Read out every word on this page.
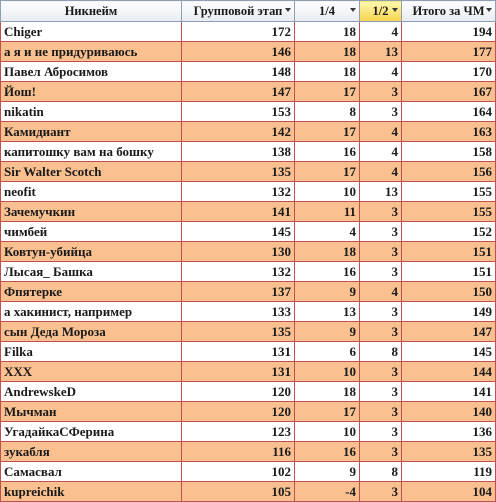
Никнейм	Групповой этап	1/4	1/2	Итого за ЧМ

Chiger	172	18	4	194
а я и не придуриваюсь	146	18	13	177
Павел Абросимов	148	18	4	170
Йош!	147	17	3	167
nikatin	153	8	3	164
Камидиант	142	17	4	163
капитошку вам на бошку	138	16	4	158
Sir Walter Scotch	135	17	4	156
neofit	132	10	13	155
Зачемучкин	141	11	3	155
чимбей	145	4	3	152
Ковтун-убийца	130	18	3	151
Лысая_ Башка	132	16	3	151
Фпятерке	137	9	4	150
а хакинист, например	133	13	3	149
сын Деда Мороза	135	9	3	147
Filka	131	6	8	145
XXX	131	10	3	144
AndrewskeD	120	18	3	141
Мычман	120	17	3	140
УгадайкаСФерина	123	10	3	136
зукабля	116	16	3	135
Самасвал	102	9	8	119
kupreichik	105	-4	3	104
